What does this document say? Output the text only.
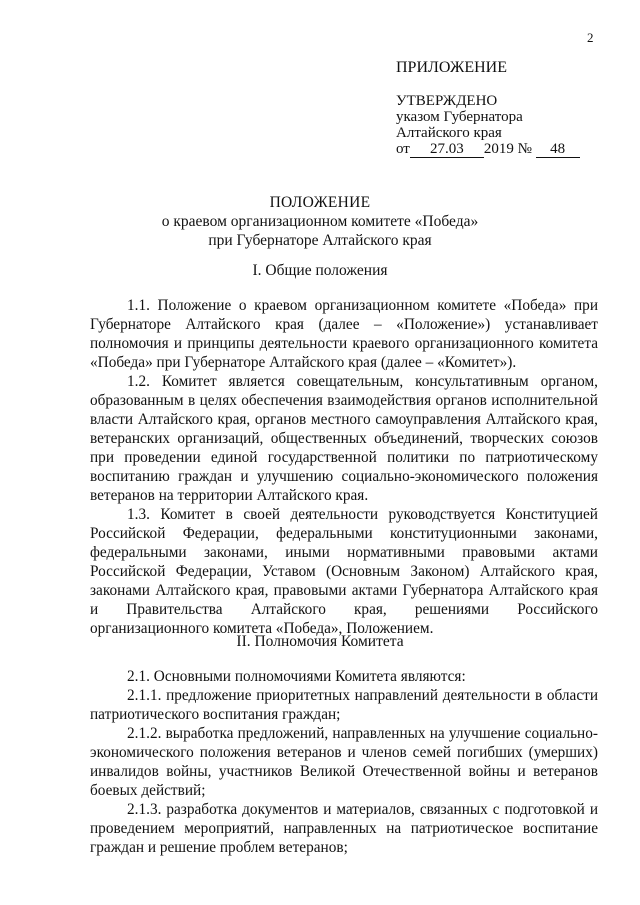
2
ПРИЛОЖЕНИЕ
УТВЕРЖДЕНО
указом Губернатора
Алтайского края
от 27.03 2019 № 48
ПОЛОЖЕНИЕ
о краевом организационном комитете «Победа»
при Губернаторе Алтайского края
I. Общие положения

1.1. Положение о краевом организационном комитете «Победа» при Губернаторе Алтайского края (далее – «Положение») устанавливает полномочия и принципы деятельности краевого организационного комитета «Победа» при Губернаторе Алтайского края (далее – «Комитет»).

1.2. Комитет является совещательным, консультативным органом, образованным в целях обеспечения взаимодействия органов исполнительной власти Алтайского края, органов местного самоуправления Алтайского края, ветеранских организаций, общественных объединений, творческих союзов при проведении единой государственной политики по патриотическому воспитанию граждан и улучшению социально-экономического положения ветеранов на территории Алтайского края.

1.3. Комитет в своей деятельности руководствуется Конституцией Российской Федерации, федеральными конституционными законами, федеральными законами, иными нормативными правовыми актами Российской Федерации, Уставом (Основным Законом) Алтайского края, законами Алтайского края, правовыми актами Губернатора Алтайского края и Правительства Алтайского края, решениями Российского организационного комитета «Победа», Положением.

II. Полномочия Комитета

2.1. Основными полномочиями Комитета являются:

2.1.1. предложение приоритетных направлений деятельности в области патриотического воспитания граждан;

2.1.2. выработка предложений, направленных на улучшение социально-экономического положения ветеранов и членов семей погибших (умерших) инвалидов войны, участников Великой Отечественной войны и ветеранов боевых действий;

2.1.3. разработка документов и материалов, связанных с подготовкой и проведением мероприятий, направленных на патриотическое воспитание граждан и решение проблем ветеранов;
